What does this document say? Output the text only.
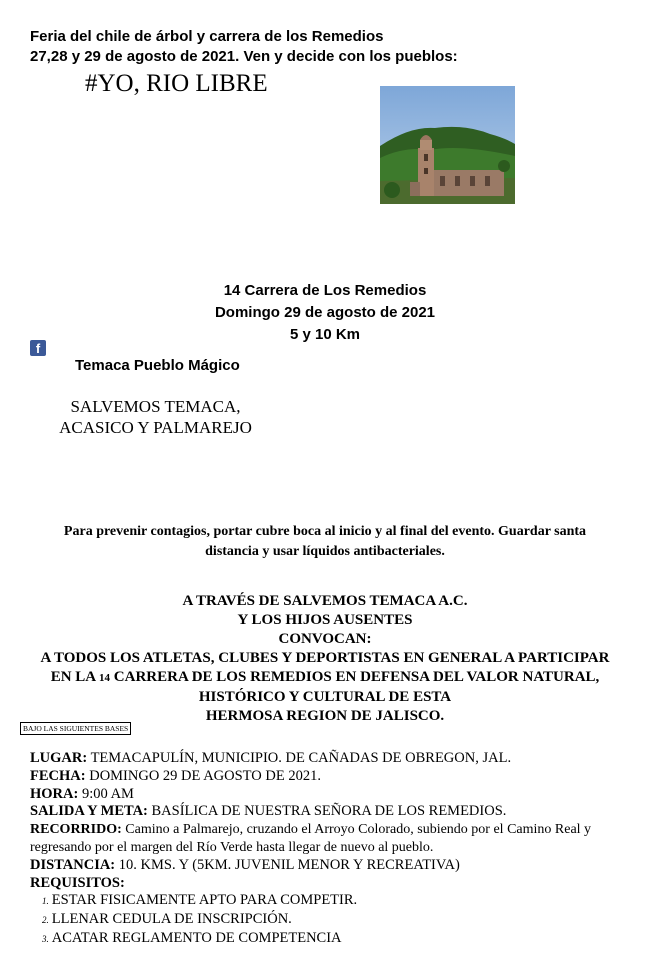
Feria del chile de árbol y carrera de los Remedios
27,28 y 29 de agosto de 2021. Ven y decide con los pueblos:
#YO, RIO LIBRE
14 Carrera de Los Remedios
Domingo 29 de agosto de 2021
5 y 10 Km
f
Temaca Pueblo Mágico
SALVEMOS TEMACA,
ACASICO Y PALMAREJO
Para prevenir contagios, portar cubre boca al inicio y al final del evento. Guardar santa
distancia y usar líquidos antibacteriales.
A TRAVÉS DE SALVEMOS TEMACA A.C.
Y LOS HIJOS AUSENTES
CONVOCAN:
A TODOS LOS ATLETAS, CLUBES Y DEPORTISTAS EN GENERAL A PARTICIPAR
EN LA 14 CARRERA DE LOS REMEDIOS EN DEFENSA DEL VALOR NATURAL,
HISTÓRICO Y CULTURAL DE ESTA
HERMOSA REGION DE JALISCO.
BAJO LAS SIGUIENTES BASES
LUGAR: TEMACAPULÍN, MUNICIPIO. DE CAÑADAS DE OBREGON, JAL.
FECHA: DOMINGO 29 DE AGOSTO DE 2021.
HORA: 9:00 AM
SALIDA Y META: BASÍLICA DE NUESTRA SEÑORA DE LOS REMEDIOS.
RECORRIDO: Camino a Palmarejo, cruzando el Arroyo Colorado, subiendo por el Camino Real y regresando por el margen del Río Verde hasta llegar de nuevo al pueblo.
DISTANCIA: 10. KMS. Y (5KM. JUVENIL MENOR Y RECREATIVA)
REQUISITOS:
1. ESTAR FISICAMENTE APTO PARA COMPETIR.
2. LLENAR CEDULA DE INSCRIPCIÓN.
3. ACATAR REGLAMENTO DE COMPETENCIA
